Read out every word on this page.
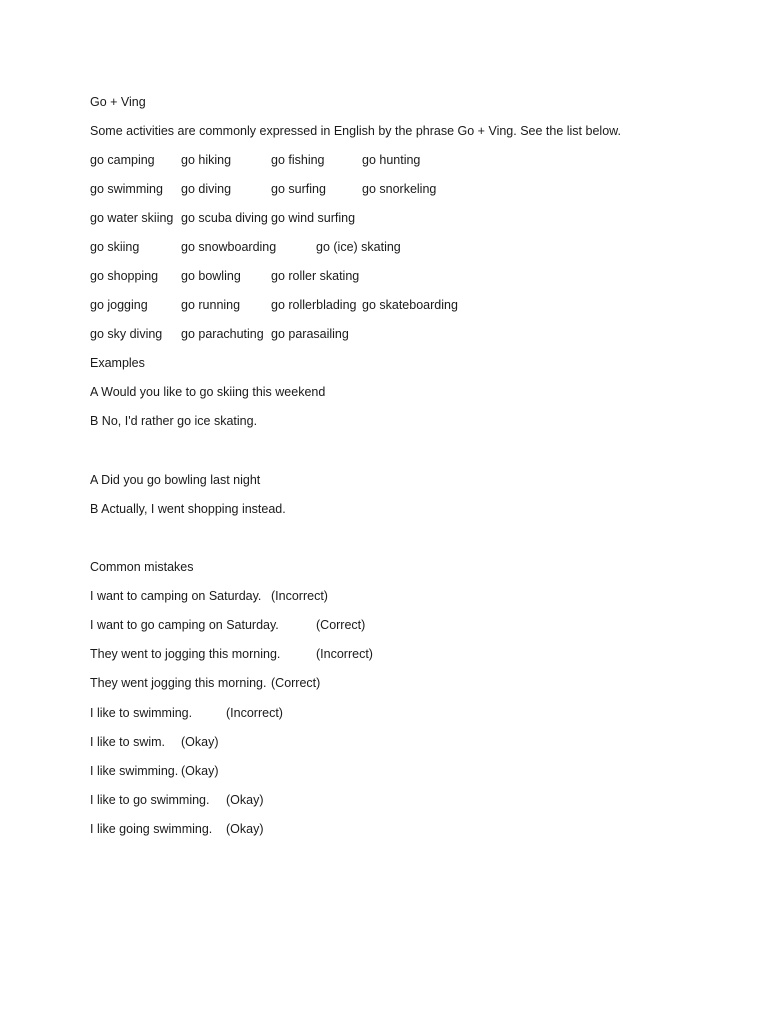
Go + Ving
Some activities are commonly expressed in English by the phrase Go + Ving. See the list below.
go camping go hiking	go fishing	go hunting
go swimming go diving	go surfing	go snorkeling
go water skiing go scuba diving go wind surfing
go skiing	go snowboarding	go (ice) skating
go shopping go bowling go roller skating
go jogging	go running go rollerblading go skateboarding
go sky diving go parachuting go parasailing
Examples
A Would you like to go skiing this weekend
B No, I'd rather go ice skating.
A Did you go bowling last night
B Actually, I went shopping instead.
Common mistakes
I want to camping on Saturday. (Incorrect)
I want to go camping on Saturday.	(Correct)
They went to jogging this morning.	(Incorrect)
They went jogging this morning. (Correct)
I like to swimming.	(Incorrect)
I like to swim. (Okay)
I like swimming. (Okay)
I like to go swimming. (Okay)
I like going swimming. (Okay)
